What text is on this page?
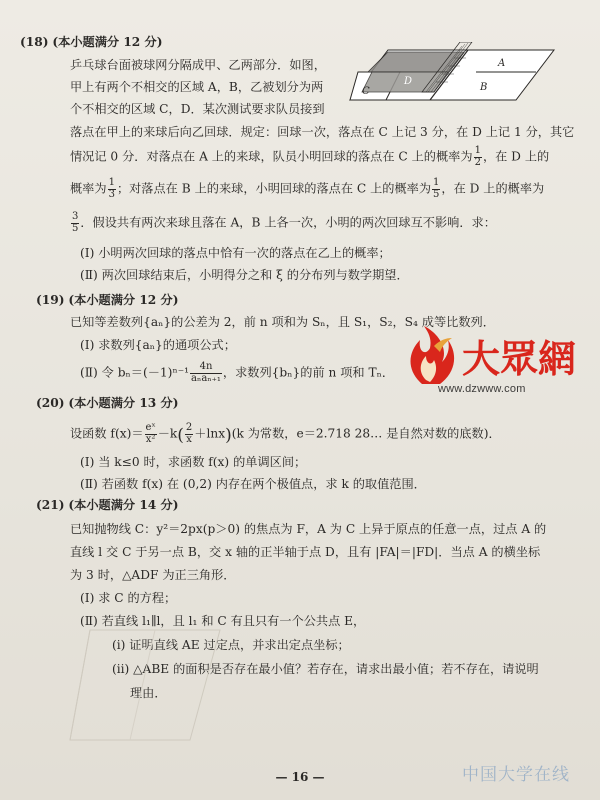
(18) (本小题满分 12 分)
乒乓球台面被球网分隔成甲、乙两部分．如图，
甲上有两个不相交的区域 A，B，乙被划分为两
个不相交的区域 C，D．某次测试要求队员接到
落点在甲上的来球后向乙回球．规定：回球一次，落点在 C 上记 3 分，在 D 上记 1 分，其它
情况记 0 分．对落点在 A 上的来球，队员小明回球的落点在 C 上的概率为 $\frac{1}{2}$ ，在 D 上的
概率为 $\frac{1}{3}$ ；对落点在 B 上的来球，小明回球的落点在 C 上的概率为 $\frac{1}{5}$ ，在 D 上的概率为
$\frac{3}{5}$ ．假设共有两次来球且落在 A，B 上各一次，小明的两次回球互不影响．求：
(Ⅰ) 小明两次回球的落点中恰有一次的落点在乙上的概率；
(Ⅱ) 两次回球结束后，小明得分之和 ξ 的分布列与数学期望．
A
B
C
D
(19) (本小题满分 12 分)
已知等差数列{aₙ}的公差为 2，前 n 项和为 Sₙ，且 S₁，S₂，S₄ 成等比数列．
(Ⅰ) 求数列{aₙ}的通项公式；
(Ⅱ) 令 $b_n=(-1)^{n-1} \frac{4n}{\text{aₙaₙ₊₁}}$ ，求数列{bₙ}的前 n 项和 Tₙ．
(20) (本小题满分 13 分)
设函数 $f(x)= \frac{\text{eˣ}}{\text{x²}} -k( \frac{2}{x} +\ln x)(k$ 为常数，e＝2.718 28… 是自然对数的底数)．
(Ⅰ) 当 k≤0 时，求函数 f(x) 的单调区间；
(Ⅱ) 若函数 f(x) 在 (0,2) 内存在两个极值点，求 k 的取值范围．
(21) (本小题满分 14 分)
已知抛物线 C：y²＝2px(p＞0) 的焦点为 F，A 为 C 上异于原点的任意一点，过点 A 的
直线 l 交 C 于另一点 B，交 x 轴的正半轴于点 D，且有 |FA|＝|FD|．当点 A 的横坐标
为 3 时，△ADF 为正三角形．
(Ⅰ) 求 C 的方程；
(Ⅱ) 若直线 l₁∥l，且 l₁ 和 C 有且只有一个公共点 E，
(ⅰ) 证明直线 AE 过定点，并求出定点坐标；
(ⅱ) △ABE 的面积是否存在最小值？若存在，请求出最小值；若不存在，请说明
理由．
大眾網
www.dzwww.com
— 16 —	中国大学在线
